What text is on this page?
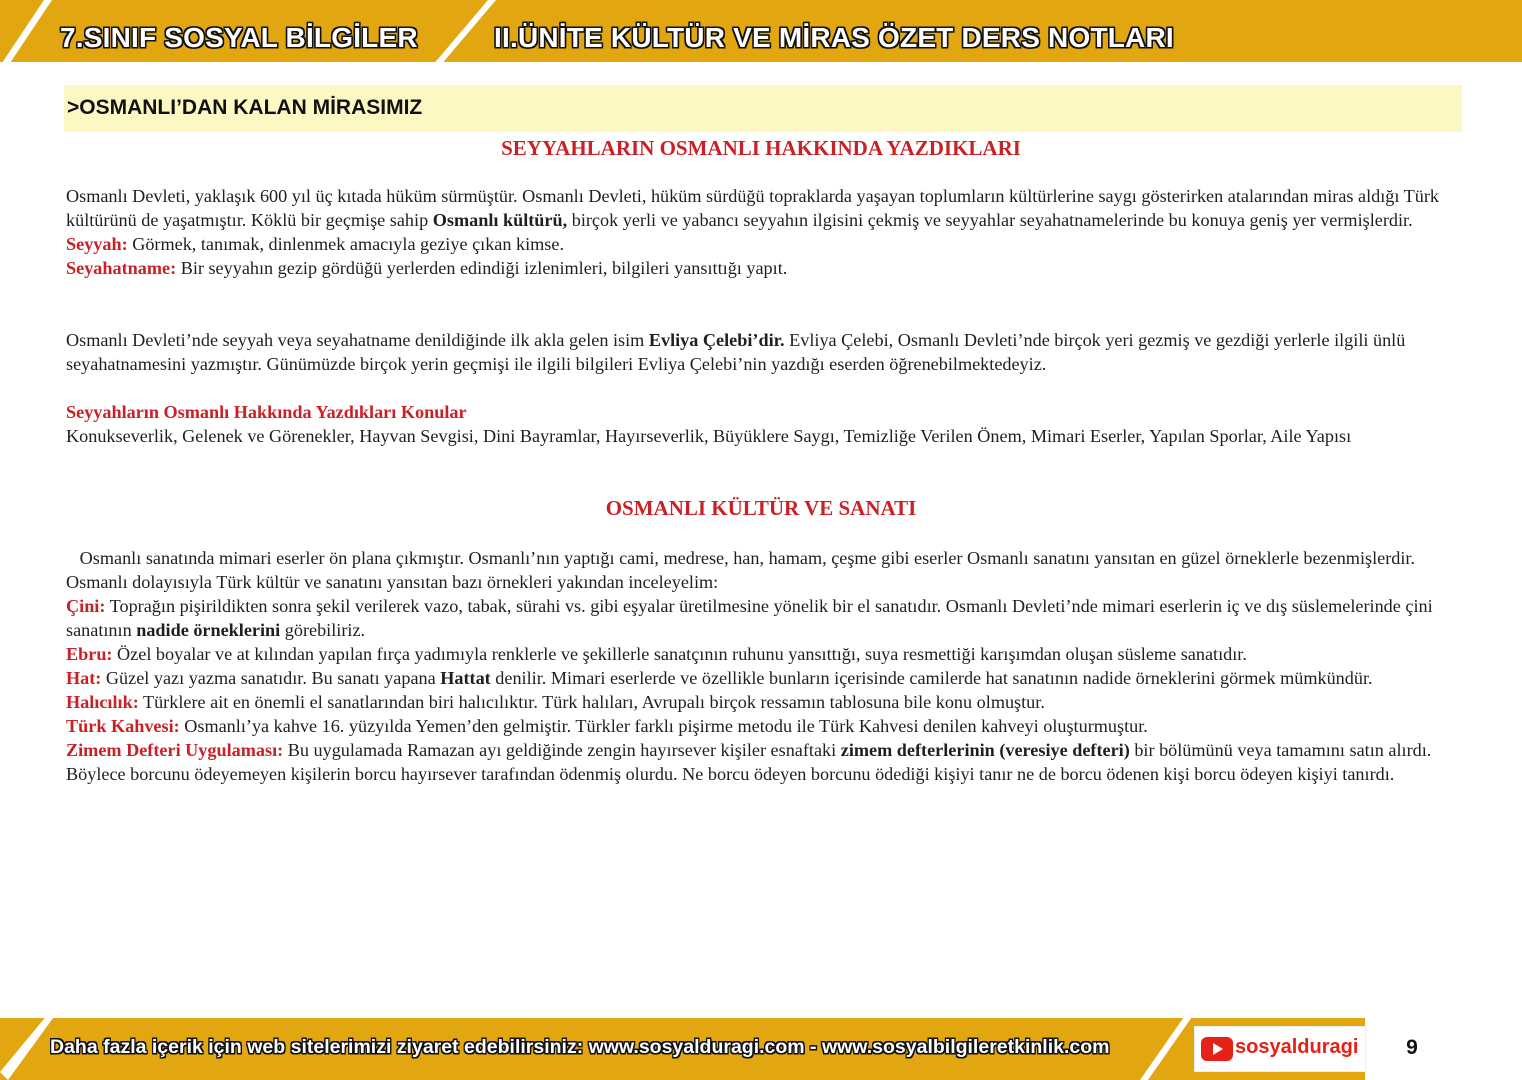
7.SINIF SOSYAL BİLGİLER	II.ÜNİTE KÜLTÜR VE MİRAS ÖZET DERS NOTLARI
>OSMANLI’DAN KALAN MİRASIMIZ
SEYYAHLARIN OSMANLI HAKKINDA YAZDIKLARI

Osmanlı Devleti, yaklaşık 600 yıl üç kıtada hüküm sürmüştür. Osmanlı Devleti, hüküm sürdüğü topraklarda yaşayan toplumların kültürlerine saygı gösterirken atalarından miras aldığı Türk kültürünü de yaşatmıştır. Köklü bir geçmişe sahip Osmanlı kültürü, birçok yerli ve yabancı seyyahın ilgisini çekmiş ve seyyahlar seyahatnamelerinde bu konuya geniş yer vermişlerdir.

Seyyah: Görmek, tanımak, dinlenmek amacıyla geziye çıkan kimse.

Seyahatname: Bir seyyahın gezip gördüğü yerlerden edindiği izlenimleri, bilgileri yansıttığı yapıt.

Osmanlı Devleti’nde seyyah veya seyahatname denildiğinde ilk akla gelen isim Evliya Çelebi’dir. Evliya Çelebi, Osmanlı Devleti’nde birçok yeri gezmiş ve gezdiği yerlerle ilgili ünlü seyahatnamesini yazmıştır. Günümüzde birçok yerin geçmişi ile ilgili bilgileri Evliya Çelebi’nin yazdığı eserden öğrenebilmektedeyiz.

Seyyahların Osmanlı Hakkında Yazdıkları Konular

Konukseverlik, Gelenek ve Görenekler, Hayvan Sevgisi, Dini Bayramlar, Hayırseverlik, Büyüklere Saygı, Temizliğe Verilen Önem, Mimari Eserler, Yapılan Sporlar, Aile Yapısı

OSMANLI KÜLTÜR VE SANATI

Osmanlı sanatında mimari eserler ön plana çıkmıştır. Osmanlı’nın yaptığı cami, medrese, han, hamam, çeşme gibi eserler Osmanlı sanatını yansıtan en güzel örneklerle bezenmişlerdir. Osmanlı dolayısıyla Türk kültür ve sanatını yansıtan bazı örnekleri yakından inceleyelim:

Çini: Toprağın pişirildikten sonra şekil verilerek vazo, tabak, sürahi vs. gibi eşyalar üretilmesine yönelik bir el sanatıdır. Osmanlı Devleti’nde mimari eserlerin iç ve dış süslemelerinde çini sanatının nadide örneklerini görebiliriz.

Ebru: Özel boyalar ve at kılından yapılan fırça yadımıyla renklerle ve şekillerle sanatçının ruhunu yansıttığı, suya resmettiği karışımdan oluşan süsleme sanatıdır.

Hat: Güzel yazı yazma sanatıdır. Bu sanatı yapana Hattat denilir. Mimari eserlerde ve özellikle bunların içerisinde camilerde hat sanatının nadide örneklerini görmek mümkündür.

Halıcılık: Türklere ait en önemli el sanatlarından biri halıcılıktır. Türk halıları, Avrupalı birçok ressamın tablosuna bile konu olmuştur.

Türk Kahvesi: Osmanlı’ya kahve 16. yüzyılda Yemen’den gelmiştir. Türkler farklı pişirme metodu ile Türk Kahvesi denilen kahveyi oluşturmuştur.

Zimem Defteri Uygulaması: Bu uygulamada Ramazan ayı geldiğinde zengin hayırsever kişiler esnaftaki zimem defterlerinin (veresiye defteri) bir bölümünü veya tamamını satın alırdı. Böylece borcunu ödeyemeyen kişilerin borcu hayırsever tarafından ödenmiş olurdu. Ne borcu ödeyen borcunu ödediği kişiyi tanır ne de borcu ödenen kişi borcu ödeyen kişiyi tanırdı.

Daha fazla içerik için web sitelerimizi ziyaret edebilirsiniz: www.sosyalduragi.com - www.sosyalbilgileretkinlik.com	sosyalduragi	9
